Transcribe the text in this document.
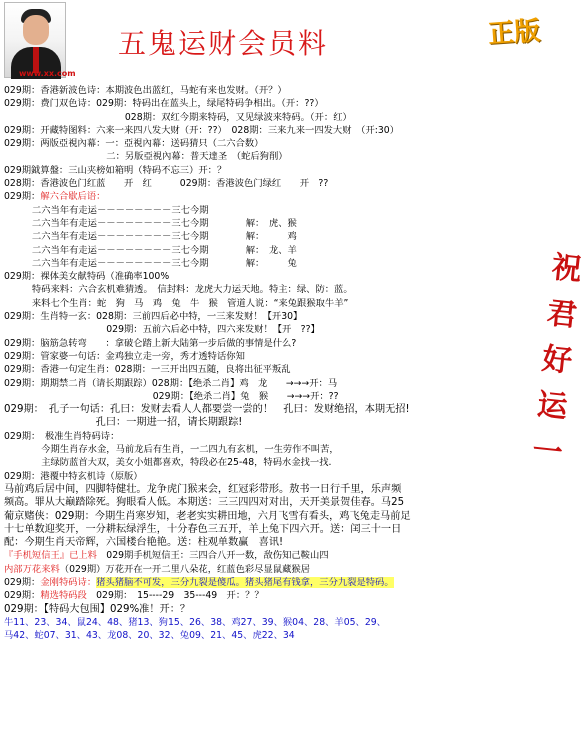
www.xx.com
五鬼运财会员料	正版
029期：香港新波色诗：本期波色出蓝红，马蛇有来也发财。（开？）
029期：费门双色诗：029期：特码出在蓝头上，绿尾特码争相出。（开：??）
　　　　　　　　　　　　　028期：双红今期来特码，又见绿波来特码。（开：红）
029期：开藏特图料：六来一来四八发大财（开：??）　028期：三来九来一四发大财　（开:30）
029期：两版亞視內幕：一：亞視內幕：送码猜只（二六合数）
　　　　　　　　　　　二：另版亞視內幕：普天達圣　（蛇后狗削）
029期鉞算盤：三山夹榜如箱明（特码不忘三）开：？
028期：香港波色门红蓝　　开　红　　　029期：香港波色门绿红　　开　??
029期：解六合歇后语：
　　　二六当年有走运－－－－－－－－三七今期
　　　二六当年有走运－－－－－－－－三七今期　　　　解：　虎、猴
　　　二六当年有走运－－－－－－－－三七今期　　　　解：　　　鸡
　　　二六当年有走运－－－－－－－－三七今期　　　　解：　龙、羊
　　　二六当年有走运－－－－－－－－三七今期　　　　解：　　　兔
029期：裸体美女献特码（准确率100%
　　　特码来料：六合玄机难猜透。　信封料：龙虎大力运天地。特主：绿、防：蓝。
　　　来料七个生肖：蛇　狗　马　鸡　兔　牛　猴　管道人说：“来兔跟猴取牛羊”
029期：生肖特一玄：028期：三前四后必中特，一三来发财！【开30】
　　　　　　　　　　　029期：五前六后必中特，四六来发财！【开　??】
029期：脑筋急转弯　　：拿破仑踏上新大陆第一步后做的事情是什么?
029期：管家婆一句话：金鸡独立走一旁，秀才透特话你知
029期：香港一句定生肖：028期：一三开出四五随，良将出征平叛乱
029期：期期禁二肖（请长期跟踪）028期：【绝杀二肖】鸡　龙　　→→→开：马
　　　　　　　　　　　　　　　　029期：【绝杀二肖】兔　猴　　→→→开：??
029期：　孔子一句话：孔曰：发财去看人人都要尝一尝的！　孔曰：发财绝招，本期无招!
　　　　　　　　　孔曰：一期进一招，请长期跟踪!
029期：　极准生肖特码诗：
　　　　今期生肖存水金，马前龙后有生肖，一二四九有玄机，一生劳作不叫苦，
　　　　主绿防蓝首大双，美女小姐都喜欢，特段必在25-48，特码水金找一找.
029期：港覆中特玄机诗（原版）
马前鸡后居中间，四脚特健壮。龙争虎门猴来会，红冠彩带形。敖书一日行千里，乐声频
频高。罪从大巅踏除死。狗眼看人低。本期送：三三四四对对出，天开美景贺佳春。马25
葡京赌侠：029期：今期生肖寒岁知，老老实实耕田地，六月飞雪有看头，鸡飞兔走马前足
十七单数迎奖开，一分耕耘绿浮生，十分春色三五开，羊上兔下四六开。送：闰三十一日
配：今期生肖天帝辉，六国楼台艳艳。送：柱观单数赢　喜讯!
『手机短信王』已上料　029期手机短信王：三四合八开一数，敌伤知己鞍山四
内部万花来料（029期）万花开在一开二里八朵花，红蓝色彩尽显鼠藏猴居
029期：金刚特码诗：猪头猪脑不可发，三分九裂是傻瓜。猪头猪尾有钱拿，三分九裂是特码。
029期：精选特码段　029期：　15----29　35---49　开：？？
029期：【特码大包围】029%准！开：？
牛11、23、34、鼠24、48、猪13、狗15、26、38、鸡27、39、猴04、28、羊05、29、
马42、蛇07、31、43、龙08、20、32、兔09、21、45、虎22、34
祝
君
好
运
一
